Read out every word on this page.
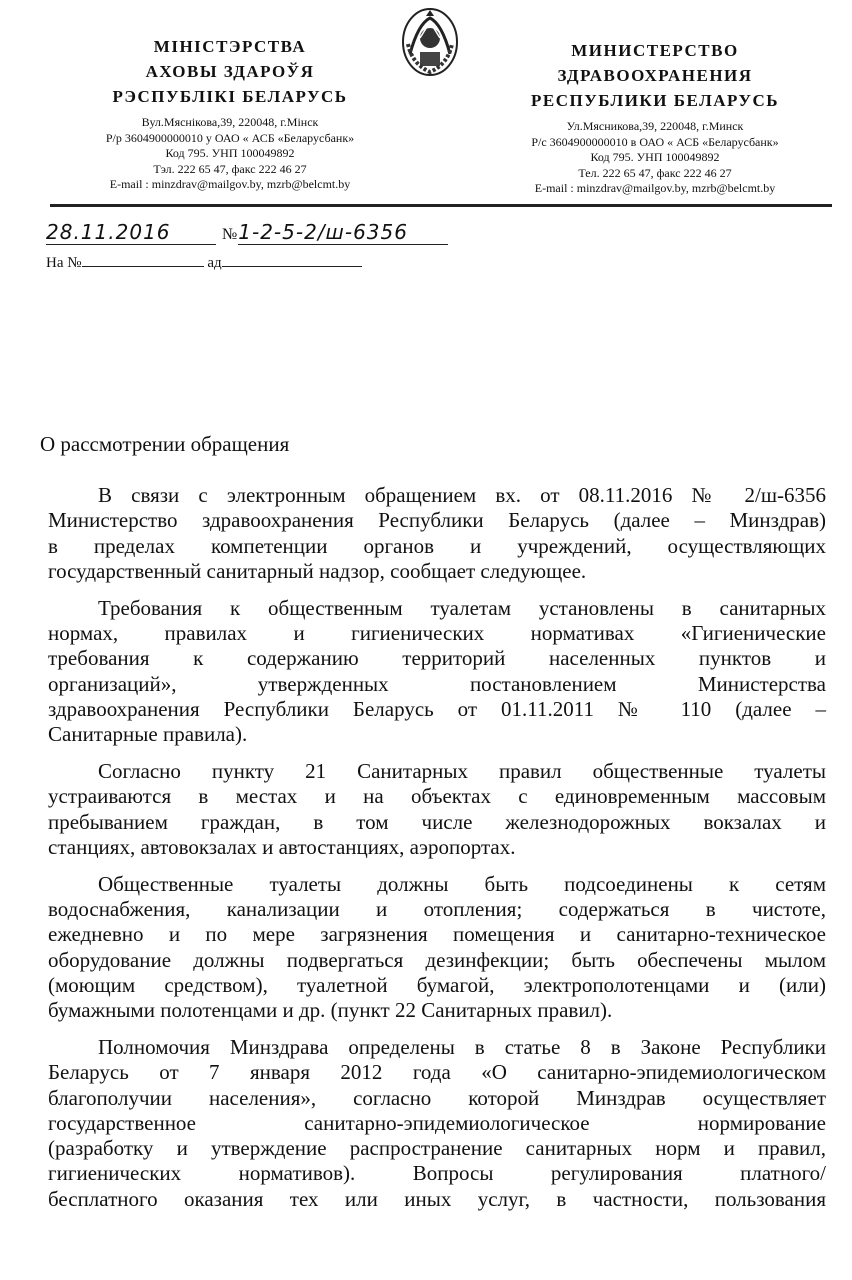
МІНІСТЭРСТВА
АХОВЫ ЗДАРОЎЯ
РЭСПУБЛІКІ БЕЛАРУСЬ
Вул.Мяснікова,39, 220048, г.Мінск
Р/р 3604900000010 у ОАО « АСБ «Беларусбанк»
Код 795. УНП 100049892
Тэл. 222 65 47, факс 222 46 27
E-mail : minzdrav@mailgov.by, mzrb@belcmt.by
МИНИСТЕРСТВО
ЗДРАВООХРАНЕНИЯ
РЕСПУБЛИКИ БЕЛАРУСЬ
Ул.Мясникова,39, 220048, г.Минск
Р/с 3604900000010 в ОАО « АСБ «Беларусбанк»
Код 795. УНП 100049892
Тел. 222 65 47, факс 222 46 27
E-mail : minzdrav@mailgov.by, mzrb@belcmt.by
28.11.2016	№1-2-5-2/ш-6356
На №	ад
О рассмотрении обращения
В связи с электронным обращением вх. от 08.11.2016 № 2/ш-6356
Министерство здравоохранения Республики Беларусь (далее – Минздрав)
в пределах компетенции органов и учреждений, осуществляющих
государственный санитарный надзор, сообщает следующее.
Требования к общественным туалетам установлены в санитарных
нормах, правилах и гигиенических нормативах «Гигиенические
требования к содержанию территорий населенных пунктов и
организаций», утвержденных постановлением Министерства
здравоохранения Республики Беларусь от 01.11.2011 № 110 (далее –
Санитарные правила).
Согласно пункту 21 Санитарных правил общественные туалеты
устраиваются в местах и на объектах с единовременным массовым
пребыванием граждан, в том числе железнодорожных вокзалах и
станциях, автовокзалах и автостанциях, аэропортах.
Общественные туалеты должны быть подсоединены к сетям
водоснабжения, канализации и отопления; содержаться в чистоте,
ежедневно и по мере загрязнения помещения и санитарно-техническое
оборудование должны подвергаться дезинфекции; быть обеспечены мылом
(моющим средством), туалетной бумагой, электрополотенцами и (или)
бумажными полотенцами и др. (пункт 22 Санитарных правил).
Полномочия Минздрава определены в статье 8 в Законе Республики
Беларусь от 7 января 2012 года «О санитарно-эпидемиологическом
благополучии населения», согласно которой Минздрав осуществляет
государственное санитарно-эпидемиологическое нормирование
(разработку и утверждение распространение санитарных норм и правил,
гигиенических нормативов). Вопросы регулирования платного/
бесплатного оказания тех или иных услуг, в частности, пользования
